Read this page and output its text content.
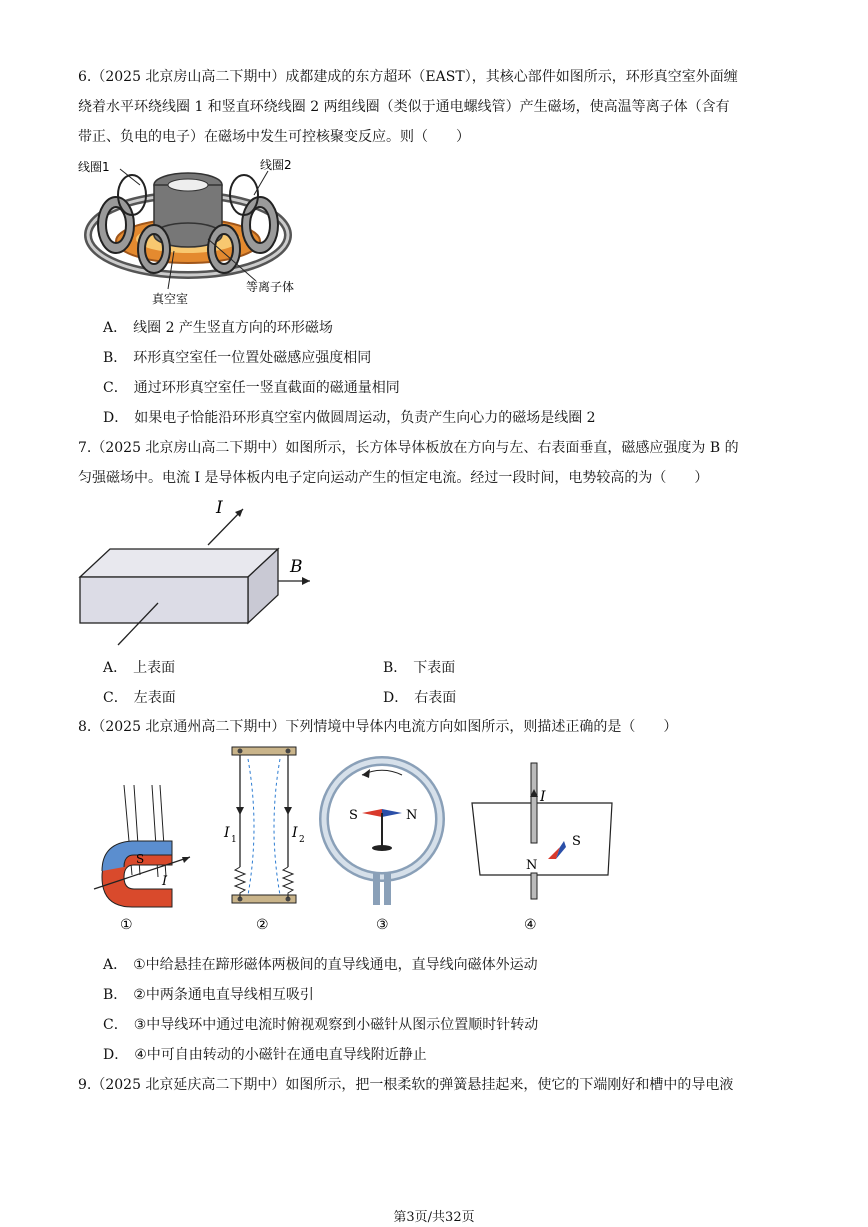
6.（2025 北京房山高二下期中）成都建成的东方超环（EAST），其核心部件如图所示，环形真空室外面缠
绕着水平环绕线圈 1 和竖直环绕线圈 2 两组线圈（类似于通电螺线管）产生磁场，使高温等离子体（含有
带正、负电的电子）在磁场中发生可控核聚变反应。则（　　）
线圈1	线圈2
等离子体
真空室
A． 线圈 2 产生竖直方向的环形磁场
B． 环形真空室任一位置处磁感应强度相同
C． 通过环形真空室任一竖直截面的磁通量相同
D． 如果电子恰能沿环形真空室内做圆周运动，负责产生向心力的磁场是线圈 2
7.（2025 北京房山高二下期中）如图所示，长方体导体板放在方向与左、右表面垂直，磁感应强度为 B 的
匀强磁场中。电流 I 是导体板内电子定向运动产生的恒定电流。经过一段时间，电势较高的为（　　）
I
B
A． 上表面	B． 下表面
C． 左表面	D． 右表面
8.（2025 北京通州高二下期中）下列情境中导体内电流方向如图所示，则描述正确的是（　　）
S
I
①
I 1	I 2
②
S	N
③
I
S
N
④
A． ①中给悬挂在蹄形磁体两极间的直导线通电，直导线向磁体外运动
B． ②中两条通电直导线相互吸引
C． ③中导线环中通过电流时俯视观察到小磁针从图示位置顺时针转动
D． ④中可自由转动的小磁针在通电直导线附近静止
9.（2025 北京延庆高二下期中）如图所示，把一根柔软的弹簧悬挂起来，使它的下端刚好和槽中的导电液
第3页/共32页
